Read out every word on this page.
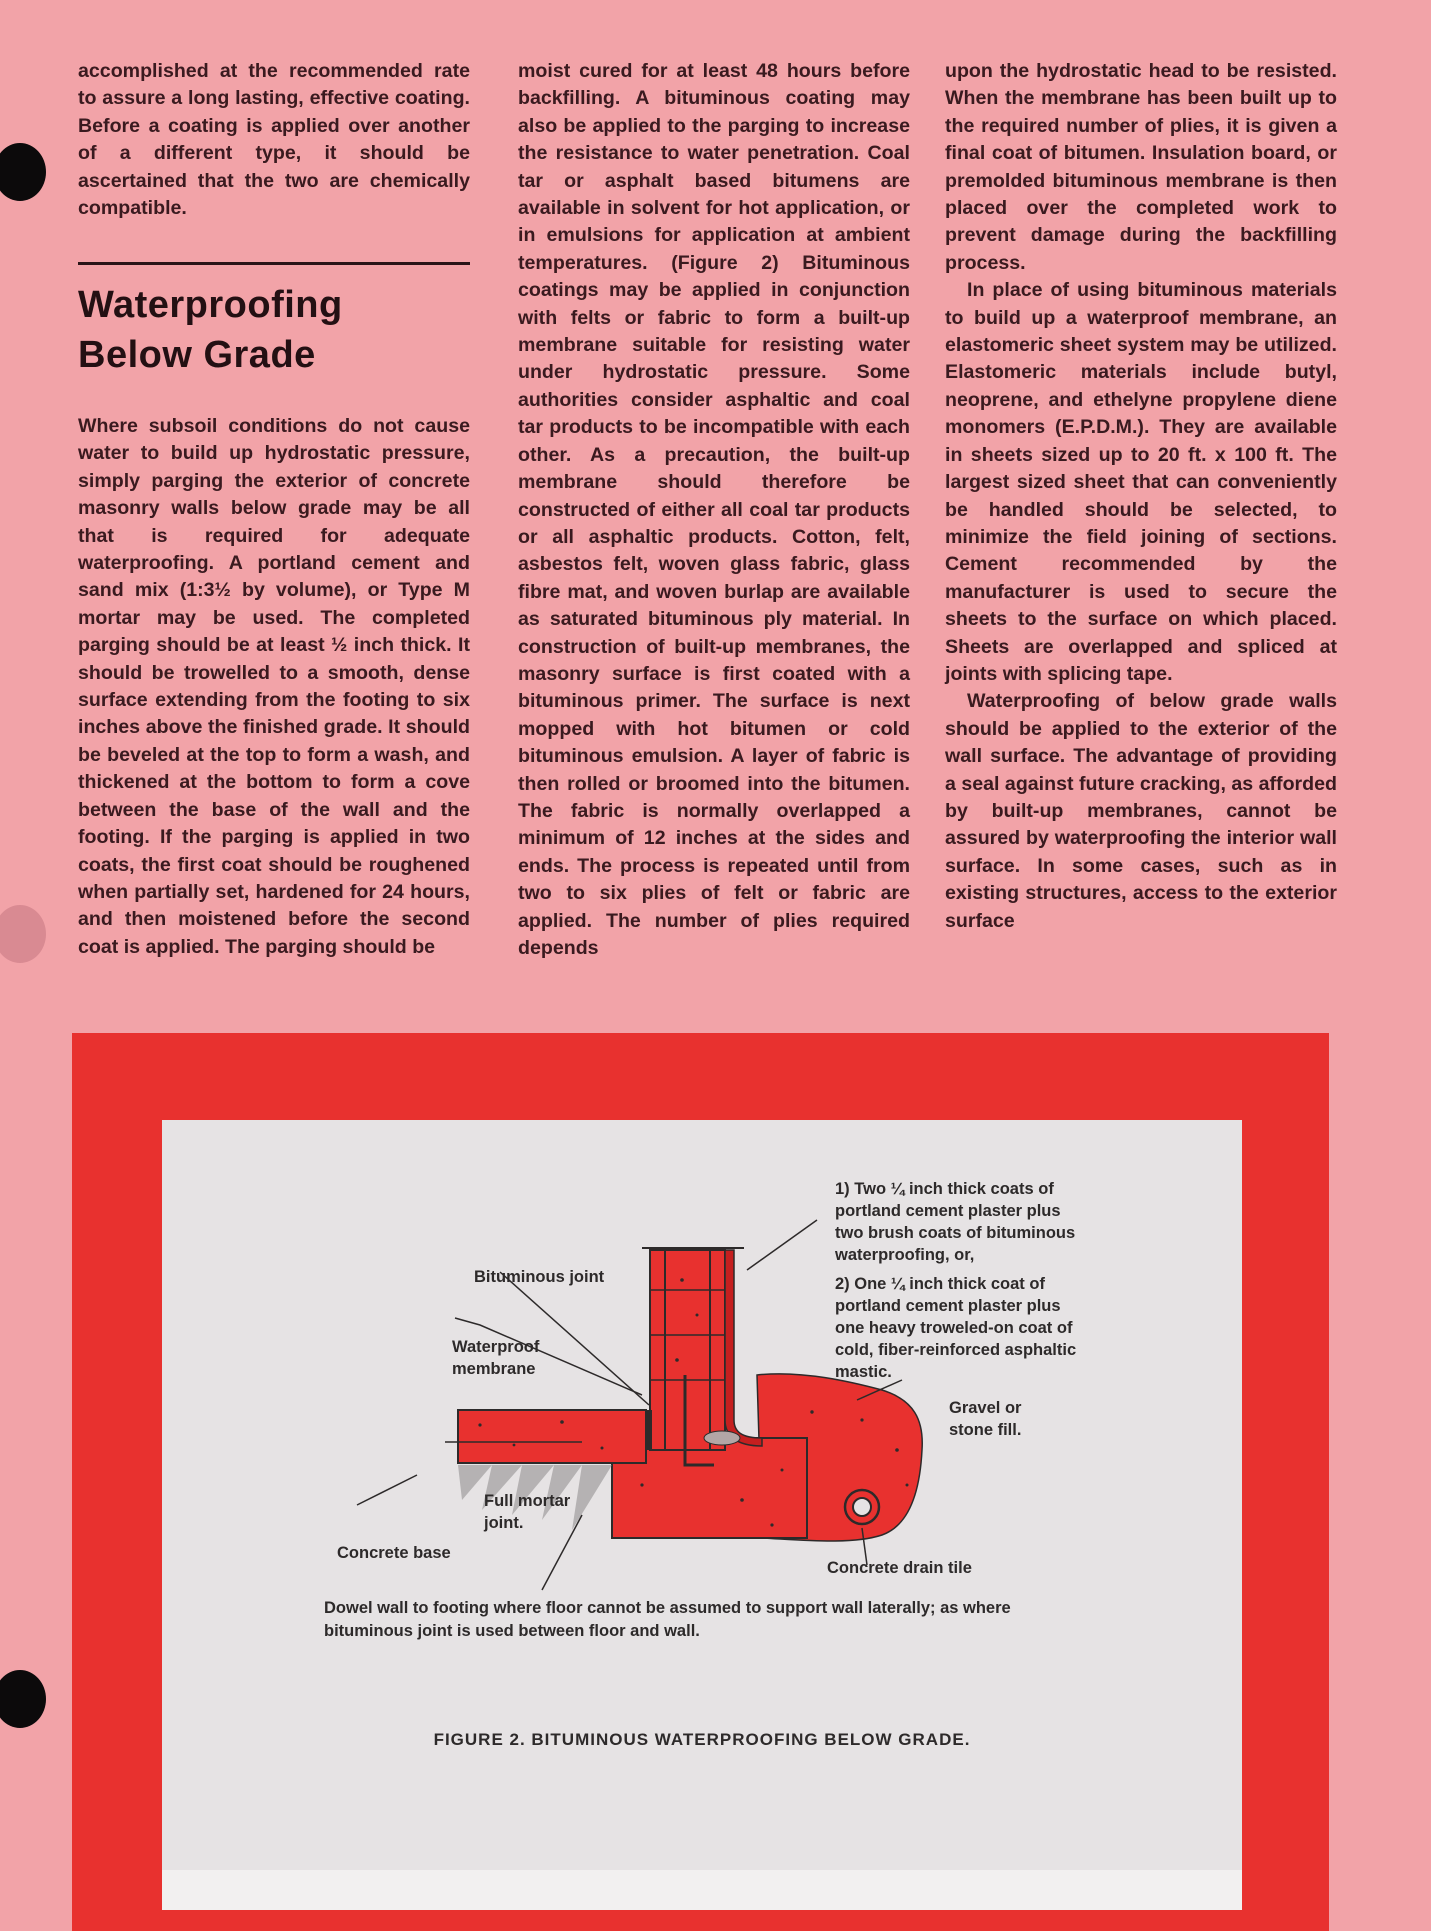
accomplished at the recommended rate to assure a long lasting, effective coating. Before a coating is applied over another of a different type, it should be ascertained that the two are chemically compatible.

Waterproofing
Below Grade

Where subsoil conditions do not cause water to build up hydrostatic pressure, simply parging the exterior of concrete masonry walls below grade may be all that is required for adequate waterproofing. A portland cement and sand mix (1:3½ by volume), or Type M mortar may be used. The completed parging should be at least ½ inch thick. It should be trowelled to a smooth, dense surface extending from the footing to six inches above the finished grade. It should be beveled at the top to form a wash, and thickened at the bottom to form a cove between the base of the wall and the footing. If the parging is applied in two coats, the first coat should be roughened when partially set, hardened for 24 hours, and then moistened before the second coat is applied. The parging should be

moist cured for at least 48 hours before backfilling. A bituminous coating may also be applied to the parging to increase the resistance to water penetration. Coal tar or asphalt based bitumens are available in solvent for hot application, or in emulsions for application at ambient temperatures. (Figure 2) Bituminous coatings may be applied in conjunction with felts or fabric to form a built-up membrane suitable for resisting water under hydrostatic pressure. Some authorities consider asphaltic and coal tar products to be incompatible with each other. As a precaution, the built-up membrane should therefore be constructed of either all coal tar products or all asphaltic products. Cotton, felt, asbestos felt, woven glass fabric, glass fibre mat, and woven burlap are available as saturated bituminous ply material. In construction of built-up membranes, the masonry surface is first coated with a bituminous primer. The surface is next mopped with hot bitumen or cold bituminous emulsion. A layer of fabric is then rolled or broomed into the bitumen. The fabric is normally overlapped a minimum of 12 inches at the sides and ends. The process is repeated until from two to six plies of felt or fabric are applied. The number of plies required depends

upon the hydrostatic head to be resisted. When the membrane has been built up to the required number of plies, it is given a final coat of bitumen. Insulation board, or premolded bituminous membrane is then placed over the completed work to prevent damage during the backfilling process.

In place of using bituminous materials to build up a waterproof membrane, an elastomeric sheet system may be utilized. Elastomeric materials include butyl, neoprene, and ethelyne propylene diene monomers (E.P.D.M.). They are available in sheets sized up to 20 ft. x 100 ft. The largest sized sheet that can conveniently be handled should be selected, to minimize the field joining of sections. Cement recommended by the manufacturer is used to secure the sheets to the surface on which placed. Sheets are overlapped and spliced at joints with splicing tape.

Waterproofing of below grade walls should be applied to the exterior of the wall surface. The advantage of providing a seal against future cracking, as afforded by built-up membranes, cannot be assured by waterproofing the interior wall surface. In some cases, such as in existing structures, access to the exterior surface

1) Two ¼ inch thick coats of portland cement plaster plus two brush coats of bituminous waterproofing, or,
2) One ¼ inch thick coat of portland cement plaster plus one heavy troweled-on coat of cold, fiber-reinforced asphaltic mastic.
Bituminous joint
Waterproof membrane
Gravel or stone fill.
Full mortar joint.
Concrete base
Concrete drain tile
Dowel wall to footing where floor cannot be assumed to support wall laterally; as where bituminous joint is used between floor and wall.
FIGURE 2. BITUMINOUS WATERPROOFING BELOW GRADE.
